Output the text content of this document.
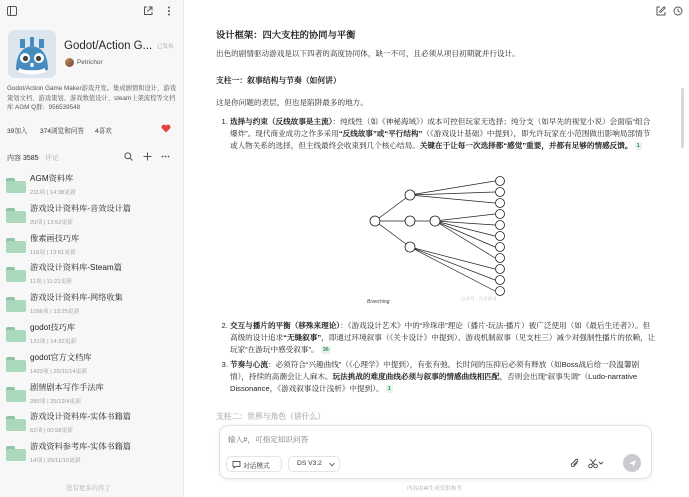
Godot/Action G... 已发布
Petrichor
Godot/Action Game Maker游戏开发。集成剧情和设计、游戏策划文档、游戏策划、游戏数值设计、steam上架流程等文档库 AGM Q群：956539548
39加入 374浏览和问答 4喜欢
内容 3585 评论
AGM资料库
211项 | 14:38更新
游戏设计资料库-音效设计篇
20项 | 13:52更新
像素画技巧库
116项 | 13:51更新
游戏设计资料库-Steam篇
11项 | 11:21更新
游戏设计资料库-网络收集
1096项 | 13:25更新
godot技巧库
131项 | 14:32更新
godot官方文档库
1423项 | 25/11/14更新
剧情剧本写作手法库
285项 | 25/12/4更新
游戏设计资料库-实体书籍篇
62项 | 00:58更新
游戏资料参考库-实体书籍篇
14项 | 25/11/10更新
没有更多内容了
设计框架：四大支柱的协同与平衡
出色的剧情驱动游戏是以下四者的高度协同体，缺一不可，且必须从项目初期就并行设计。
支柱一：叙事结构与节奏（如何讲）
这是你问题的表层，但也是陷阱最多的地方。
1. 选择与约束（反线故事是主流）：纯线性（如《神秘海域》）成本可控但玩家无选择；纯分支（如早先的视觉小说）会面临“组合爆炸”。现代商业成功之作多采用“反线故事”或“平行结构”（《游戏设计基础》中提到），即允许玩家在小范围做出影响局部情节或人物关系的选择，但主线最终会收束到几个核心结局。关键在于让每一次选择都“感觉”重要，并都有足够的情感反馈。 1
Branching
公众号 · 岂灵灵设
2. 交互与播片的平衡（移殊来理论）：《游戏设计艺术》中的“珍珠串”理论（播片-玩法-播片）被广泛使用（如《最后生还者》）。但高级的设计追求“无缝叙事”，即通过环境叙事（《关卡设计》中提到）、游戏机制叙事（见支柱三）减少对强制性播片的依赖，让玩家“在游玩中感受叙事”。 36
3. 节奏与心流：必须符合“兴趣曲线”（《心理学》中提到），有张有弛。长时间的压抑后必须有释放（如Boss战后给一段温馨剧情），持续的高潮会让人麻木。玩法挑战的难度曲线必须与叙事的情感曲线相匹配，否则会出现“叙事失调”（Ludo-narrative Dissonance，《游戏叙事设计浅析》中提到）。 1
支柱二：世界与角色（讲什么）
输入#，可指定知识问答
对话模式	DS V3.2
内容由AI生成仅供参考
